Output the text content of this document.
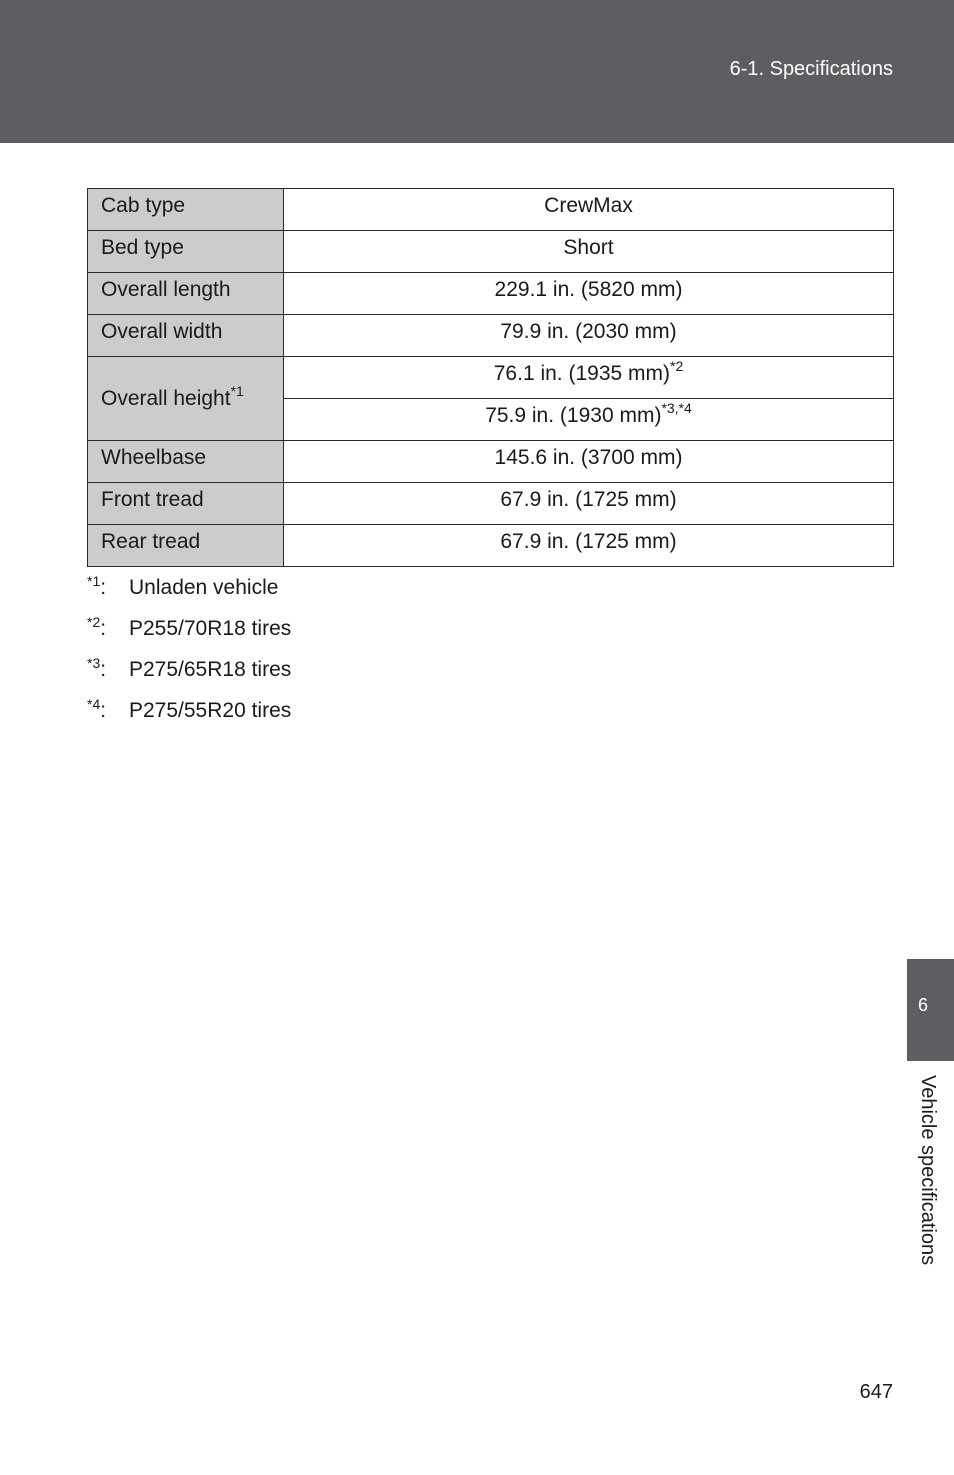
6-1. Specifications
Cab type	CrewMax
Bed type	Short
Overall length	229.1 in. (5820 mm)
Overall width	79.9 in. (2030 mm)
Overall height$^{*1}$	76.1 in. (1935 mm)$^{*2}$
	75.9 in. (1930 mm)$^{*3,*4}$
Wheelbase	145.6 in. (3700 mm)
Front tread	67.9 in. (1725 mm)
Rear tread	67.9 in. (1725 mm)
$^{*1}$: Unladen vehicle
$^{*2}$: P255/70R18 tires
$^{*3}$: P275/65R18 tires
$^{*4}$: P275/55R20 tires
6
Vehicle specifications
647
